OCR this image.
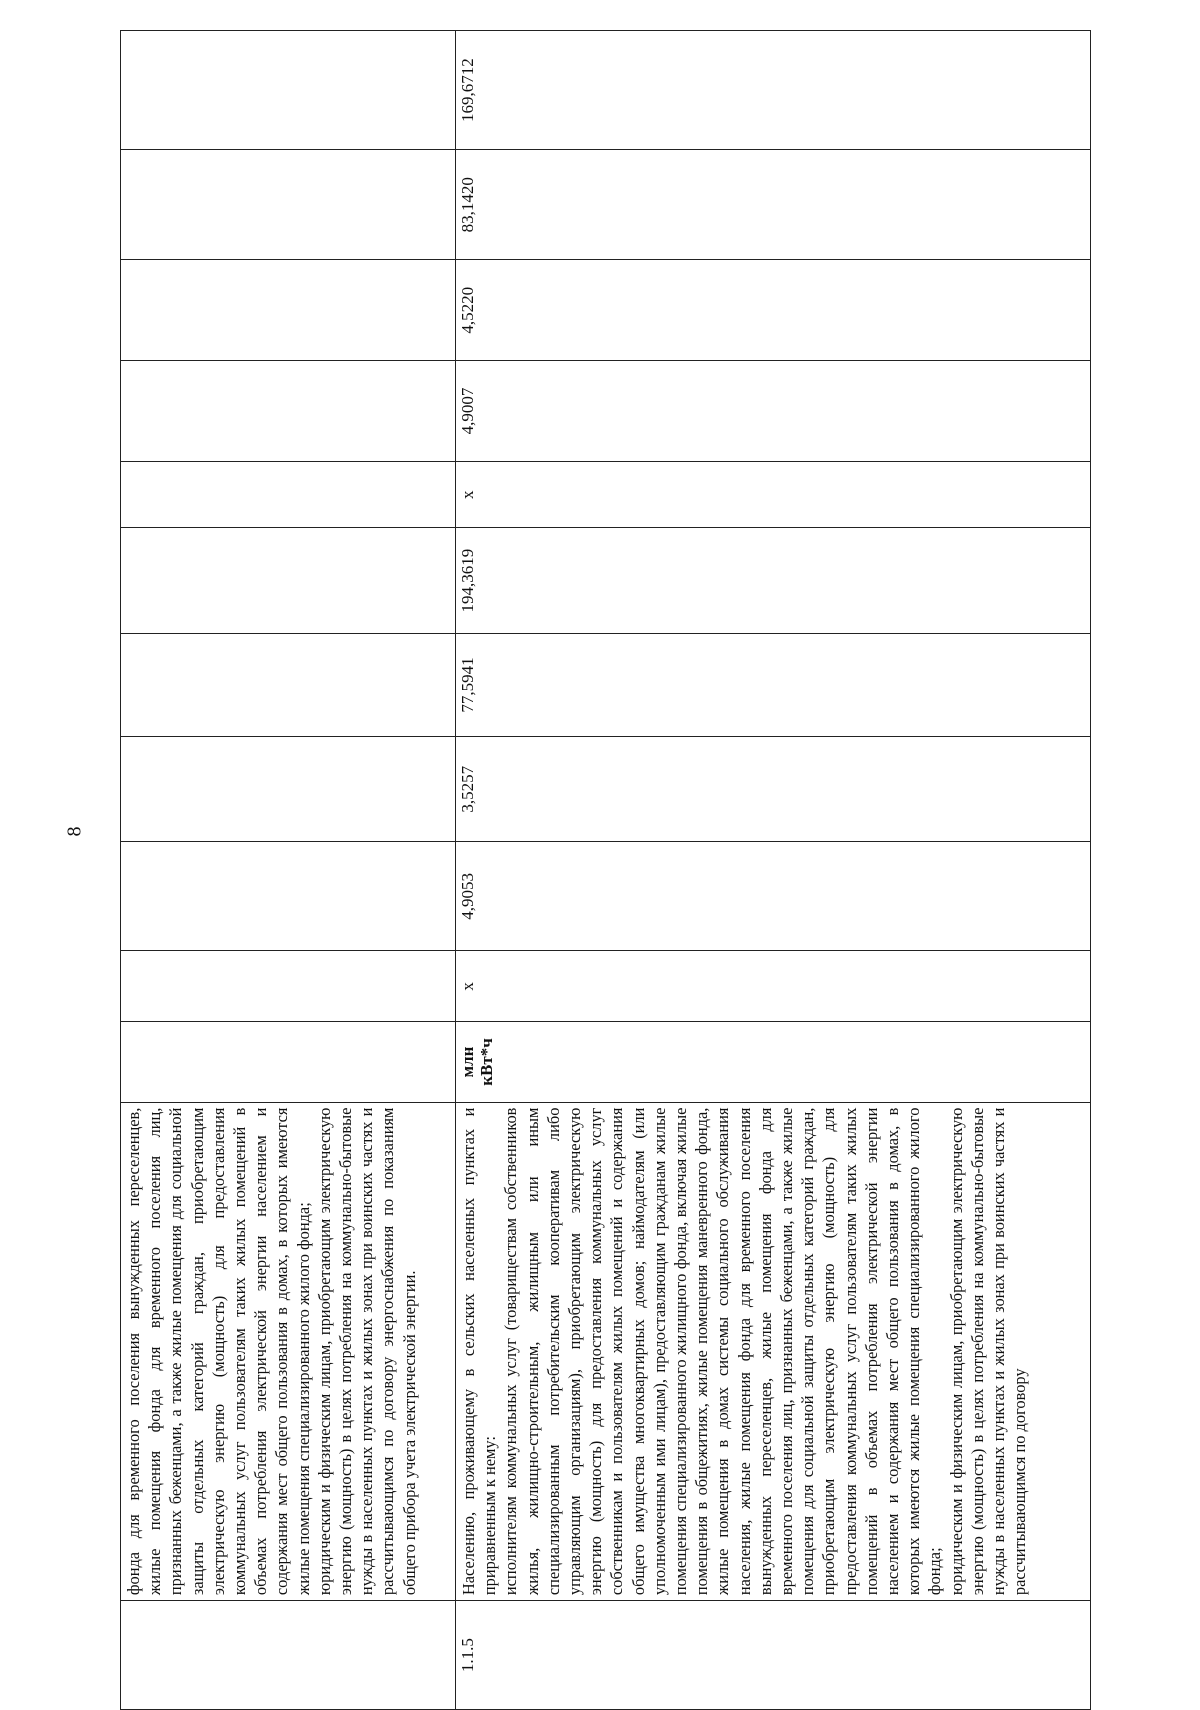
8

	фонда для временного поселения вынужденных переселенцев, жилые помещения фонда для временного поселения лиц, признанных беженцами, а также жилые помещения для социальной защиты отдельных категорий граждан, приобретающим электрическую энергию (мощность) для предоставления коммунальных услуг пользователям таких жилых помещений в объемах потребления электрической энергии населением и содержания мест общего пользования в домах, в которых имеются жилые помещения специализированного жилого фонда; юридическим и физическим лицам, приобретающим электрическую энергию (мощность) в целях потребления на коммунально-бытовые нужды в населенных пунктах и жилых зонах при воинских частях и рассчитывающимся по договору энергоснабжения по показаниям общего прибора учета электрической энергии.											

1.1.5	Населению, проживающему в сельских населенных пунктах и приравненным к нему: исполнителям коммунальных услуг (товариществам собственников жилья, жилищно-строительным, жилищным или иным специализированным потребительским кооперативам либо управляющим организациям), приобретающим электрическую энергию (мощность) для предоставления коммунальных услуг собственникам и пользователям жилых помещений и содержания общего имущества многоквартирных домов; наймодателям (или уполномоченным ими лицам), предоставляющим гражданам жилые помещения специализированного жилищного фонда, включая жилые помещения в общежитиях, жилые помещения маневренного фонда, жилые помещения в домах системы социального обслуживания населения, жилые помещения фонда для временного поселения вынужденных переселенцев, жилые помещения фонда для временного поселения лиц, признанных беженцами, а также жилые помещения для социальной защиты отдельных категорий граждан, приобретающим электрическую энергию (мощность) для предоставления коммунальных услуг пользователям таких жилых помещений в объемах потребления электрической энергии населением и содержания мест общего пользования в домах, в которых имеются жилые помещения специализированного жилого фонда; юридическим и физическим лицам, приобретающим электрическую энергию (мощность) в целях потребления на коммунально-бытовые нужды в населенных пунктах и жилых зонах при воинских частях и рассчитывающимся по договору	млн кВт*ч	x	4,9053	3,5257	77,5941	194,3619	x	4,9007	4,5220	83,1420	169,6712
